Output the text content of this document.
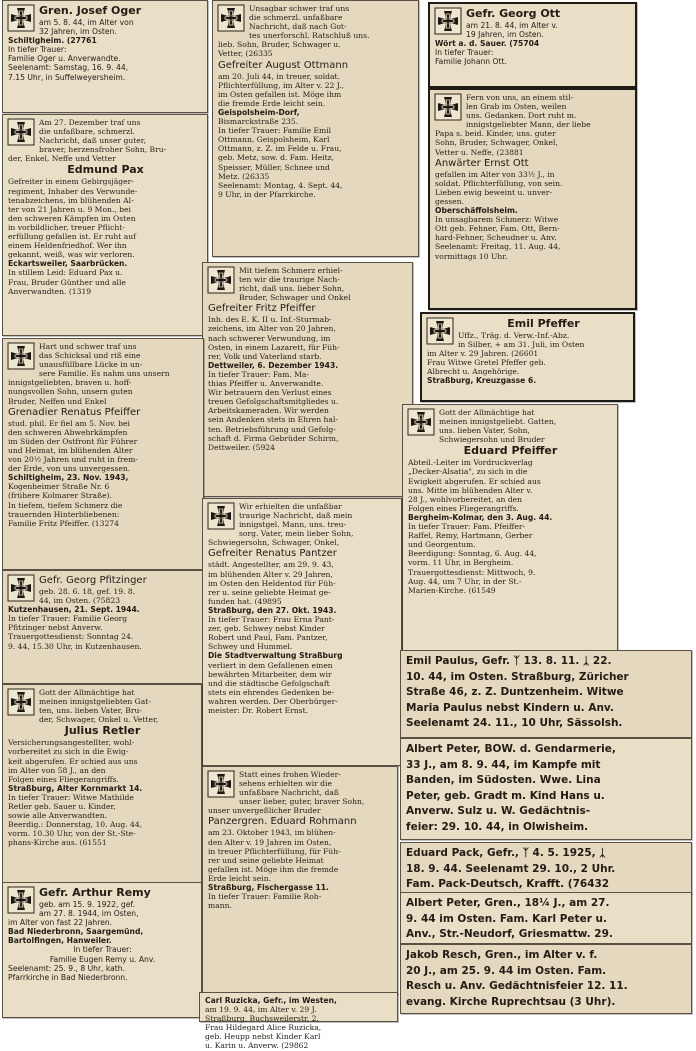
Gren. Josef Oger
am 5. 8. 44, im Alter von
32 Jahren, im Osten.
Schiltigheim. (27761
In tiefer Trauer:
Familie Oger u. Anverwandte.
Seelenamt: Samstag, 16. 9. 44,
7.15 Uhr, in Suffelweyersheim.
Unsagbar schwer traf uns
die schmerzl. unfaßbare
Nachricht, daß nach Got-
tes unerforschl. Ratschluß uns.
lieb. Sohn, Bruder, Schwager u.
Vetter, (26335
Gefreiter August Ottmann
am 20. Juli 44, in treuer, soldat.
Pflichterfüllung, im Alter v. 22 J.,
im Osten gefallen ist. Möge ihm
die fremde Erde leicht sein.
Geispolsheim-Dorf,
Bismarckstraße 235.
In tiefer Trauer: Familie Emil
Ottmann, Geispolsheim, Karl
Ottmann, z. Z. im Felde u. Frau,
geb. Metz, sow. d. Fam. Heitz,
Speisser, Müller, Schnee und
Metz. (26335
Seelenamt: Montag, 4. Sept. 44,
9 Uhr, in der Pfarrkirche.
Gefr. Georg Ott
am 21. 8. 44, im Alter v.
19 Jahren, im Osten.
Wört a. d. Sauer. (75704
In tiefer Trauer:
Familie Johann Ott.
Fern von uns, an einem stil-
len Grab im Osten, weilen
uns. Gedanken. Dort ruht m.
innigstgeliebter Mann, der liebe
Papa s. beid. Kinder, uns. guter
Sohn, Bruder, Schwager, Onkel,
Vetter u. Neffe, (23881
Anwärter Ernst Ott
gefallen im Alter von 33½ J., in
soldat. Pflichterfüllung, von sein.
Lieben ewig beweint u. unver-
gessen.
Oberschäffolsheim.
In unsagbarem Schmerz: Witwe
Ott geb. Fehner, Fam. Ott, Bern-
hard-Fehner, Scheudner u. Anv.
Seelenamt: Freitag, 11. Aug. 44,
vormittags 10 Uhr.
Am 27. Dezember traf uns
die unfaßbare, schmerzl.
Nachricht, daß unser guter,
braver, herzensfroher Sohn, Bru-
der, Enkel, Neffe und Vetter
Edmund Pax
Gefreiter in einem Gebirgsjäger-
regiment, Inhaber des Verwunde-
tenabzeichens, im blühenden Al-
ter von 21 Jahren u. 9 Mon., bei
den schweren Kämpfen im Osten
in vorbildlicher, treuer Pflicht-
erfüllung gefallen ist. Er ruht auf
einem Heldenfriedhof. Wer ihn
gekannt, weiß, was wir verloren.
Eckartsweiler, Saarbrücken.
In stillem Leid: Eduard Pax u.
Frau, Bruder Günther und alle
Anverwandten. (1319
Mit tiefem Schmerz erhiel-
ten wir die traurige Nach-
richt, daß uns. lieber Sohn,
Bruder, Schwager und Onkel
Gefreiter Fritz Pfeiffer
Inh. des E. K. II u. Inf.-Sturmab-
zeichens, im Alter von 20 Jahren,
nach schwerer Verwundung, im
Osten, in einem Lazarett, für Füh-
rer, Volk und Vaterland starb.
Dettweiler, 6. Dezember 1943.
In tiefer Trauer: Fam. Ma-
thias Pfeiffer u. Anverwandte.
Wir betrauern den Verlust eines
treuen Gefolgschaftsmitgliedes u.
Arbeitskameraden. Wir werden
sein Andenken stets in Ehren hal-
ten. Betriebsführung und Gefolg-
schaft d. Firma Gebrüder Schirm,
Dettweiler. (5924
Emil Pfeffer
Uffz., Träg. d. Verw.-Inf.-Abz.
in Silber, + am 31. Juli, im Osten
im Alter v. 29 Jahren. (26601
Frau Witwe Gretel Pfeffer geb.
Albrecht u. Angehörige.
Straßburg, Kreuzgasse 6.
Hart und schwer traf uns
das Schicksal und riß eine
unausfüllbare Lücke in un-
sere Familie. Es nahm uns unsern
innigstgeliebten, braven u. hoff-
nungsvollen Sohn, unsern guten
Bruder, Neffen und Enkel
Grenadier Renatus Pfeiffer
stud. phil. Er fiel am 5. Nov. bei
den schweren Abwehrkämpfen
im Süden der Ostfront für Führer
und Heimat, im blühenden Alter
von 20½ Jahren und ruht in frem-
der Erde, von uns unvergessen.
Schiltigheim, 23. Nov. 1943,
Kogenheimer Straße Nr. 6
(frühere Kolmarer Straße).
In tiefem, tiefem Schmerz die
trauernden Hinterbliebenen:
Familie Fritz Pfeiffer. (13274
Gott der Allmächtige hat
meinen innigstgeliebt. Gatten,
uns. lieben Vater, Sohn,
Schwiegersohn und Bruder
Eduard Pfeiffer
Abteil.-Leiter im Vordruckverlag
„Decker-Alsatia", zu sich in die
Ewigkeit abgerufen. Er schied aus
uns. Mitte im blühenden Alter v.
28 J., wohlvorbereitet, an den
Folgen eines Fliegerangriffs.
Bergheim-Kolmar, den 3. Aug. 44.
In tiefer Trauer: Fam. Pfeiffer-
Raffel, Remy, Hartmann, Gerber
und Georgentum.
Beerdigung: Sonntag, 6. Aug. 44,
vorm. 11 Uhr, in Bergheim.
Trauergottesdienst: Mittwoch, 9.
Aug. 44, um 7 Uhr, in der St.-
Marien-Kirche. (61549
Gefr. Georg Pfitzinger
geb. 28. 6. 18, gef. 19. 8.
44, im Osten. (75823
Kutzenhausen, 21. Sept. 1944.
In tiefer Trauer: Familie Georg
Pfitzinger nebst Anverw.
Trauergottesdienst: Sonntag 24.
9. 44, 15.30 Uhr, in Kutzenhausen.
Wir erhielten die unfaßbar
traurige Nachricht, daß mein
innigstgel. Mann, uns. treu-
sorg. Vater, mein lieber Sohn,
Schwiegersohn, Schwager, Onkel,
Gefreiter Renatus Pantzer
städt. Angestellter, am 29. 9. 43,
im blühenden Alter v. 29 Jahren,
im Osten den Heldentod für Füh-
rer u. seine geliebte Heimat ge-
funden hat. (49895
Straßburg, den 27. Okt. 1943.
In tiefer Trauer: Frau Erna Pant-
zer, geb. Schwey nebst Kinder
Robert und Paul, Fam. Pantzer,
Schwey und Hummel.
Die Stadtverwaltung Straßburg
verliert in dem Gefallenen einen
bewährten Mitarbeiter, dem wir
und die städtische Gefolgschaft
stets ein ehrendes Gedenken be-
wahren werden. Der Oberbürger-
meister: Dr. Robert Ernst.
Gott der Allmächtige hat
meinen innigstgeliebten Gat-
ten, uns. lieben Vater, Bru-
der, Schwager, Onkel u. Vetter,
Julius Retler
Versicherungsangestellter, wohl-
vorbereitet zu sich in die Ewig-
keit abgerufen. Er schied aus uns
im Alter von 58 J., an den
Folgen eines Fliegerangriffs.
Straßburg, Alter Kornmarkt 14.
In tiefer Trauer: Witwe Mathilde
Retler geb. Sauer u. Kinder,
sowie alle Anverwandten.
Beerdig.: Donnerstag, 10. Aug. 44,
vorm. 10.30 Uhr, von der St.-Ste-
phans-Kirche aus. (61551
Gefr. Arthur Remy
geb. am 15. 9. 1922, gef.
am 27. 8. 1944, im Osten,
im Alter von fast 22 Jahren.
Bad Niederbronn, Saargemünd,
Bartolfingen, Hanweiler.
In tiefer Trauer:
Familie Eugen Remy u. Anv.
Seelenamt: 25. 9., 8 Uhr, kath.
Pfarrkirche in Bad Niederbronn.
Statt eines frohen Wieder-
sehens erhielten wir die
unfaßbare Nachricht, daß
unser lieber, guter, braver Sohn,
unser unvergeßlicher Bruder
Panzergren. Eduard Rohmann
am 23. Oktober 1943, im blühen-
den Alter v. 19 Jahren im Osten,
in treuer Pflichterfüllung, für Füh-
rer und seine geliebte Heimat
gefallen ist. Möge ihm die fremde
Erde leicht sein.
Straßburg, Fischergasse 11.
In tiefer Trauer: Familie Roh-
mann.
Carl Ruzicka, Gefr., im Westen,
am 19. 9. 44, im Alter v. 29 J.
Straßburg, Buchsweilerstr. 2.
Frau Hildegard Alice Ruzicka,
geb. Heupp nebst Kinder Karl
u. Karin u. Anverw. (29862
Emil Paulus, Gefr. ᛉ 13. 8. 11. ᛣ 22.
10. 44, im Osten. Straßburg, Züricher
Straße 46, z. Z. Duntzenheim. Witwe
Maria Paulus nebst Kindern u. Anv.
Seelenamt 24. 11., 10 Uhr, Sässolsh.
Albert Peter, BOW. d. Gendarmerie,
33 J., am 8. 9. 44, im Kampfe mit
Banden, im Südosten. Wwe. Lina
Peter, geb. Gradt m. Kind Hans u.
Anverw. Sulz u. W. Gedächtnis-
feier: 29. 10. 44, in Olwisheim.
Eduard Pack, Gefr., ᛉ 4. 5. 1925, ᛣ
18. 9. 44. Seelenamt 29. 10., 2 Uhr.
Fam. Pack-Deutsch, Krafft. (76432
Albert Peter, Gren., 18¼ J., am 27.
9. 44 im Osten. Fam. Karl Peter u.
Anv., Str.-Neudorf, Griesmattw. 29.
Jakob Resch, Gren., im Alter v. f.
20 J., am 25. 9. 44 im Osten. Fam.
Resch u. Anv. Gedächtnisfeier 12. 11.
evang. Kirche Ruprechtsau (3 Uhr).
